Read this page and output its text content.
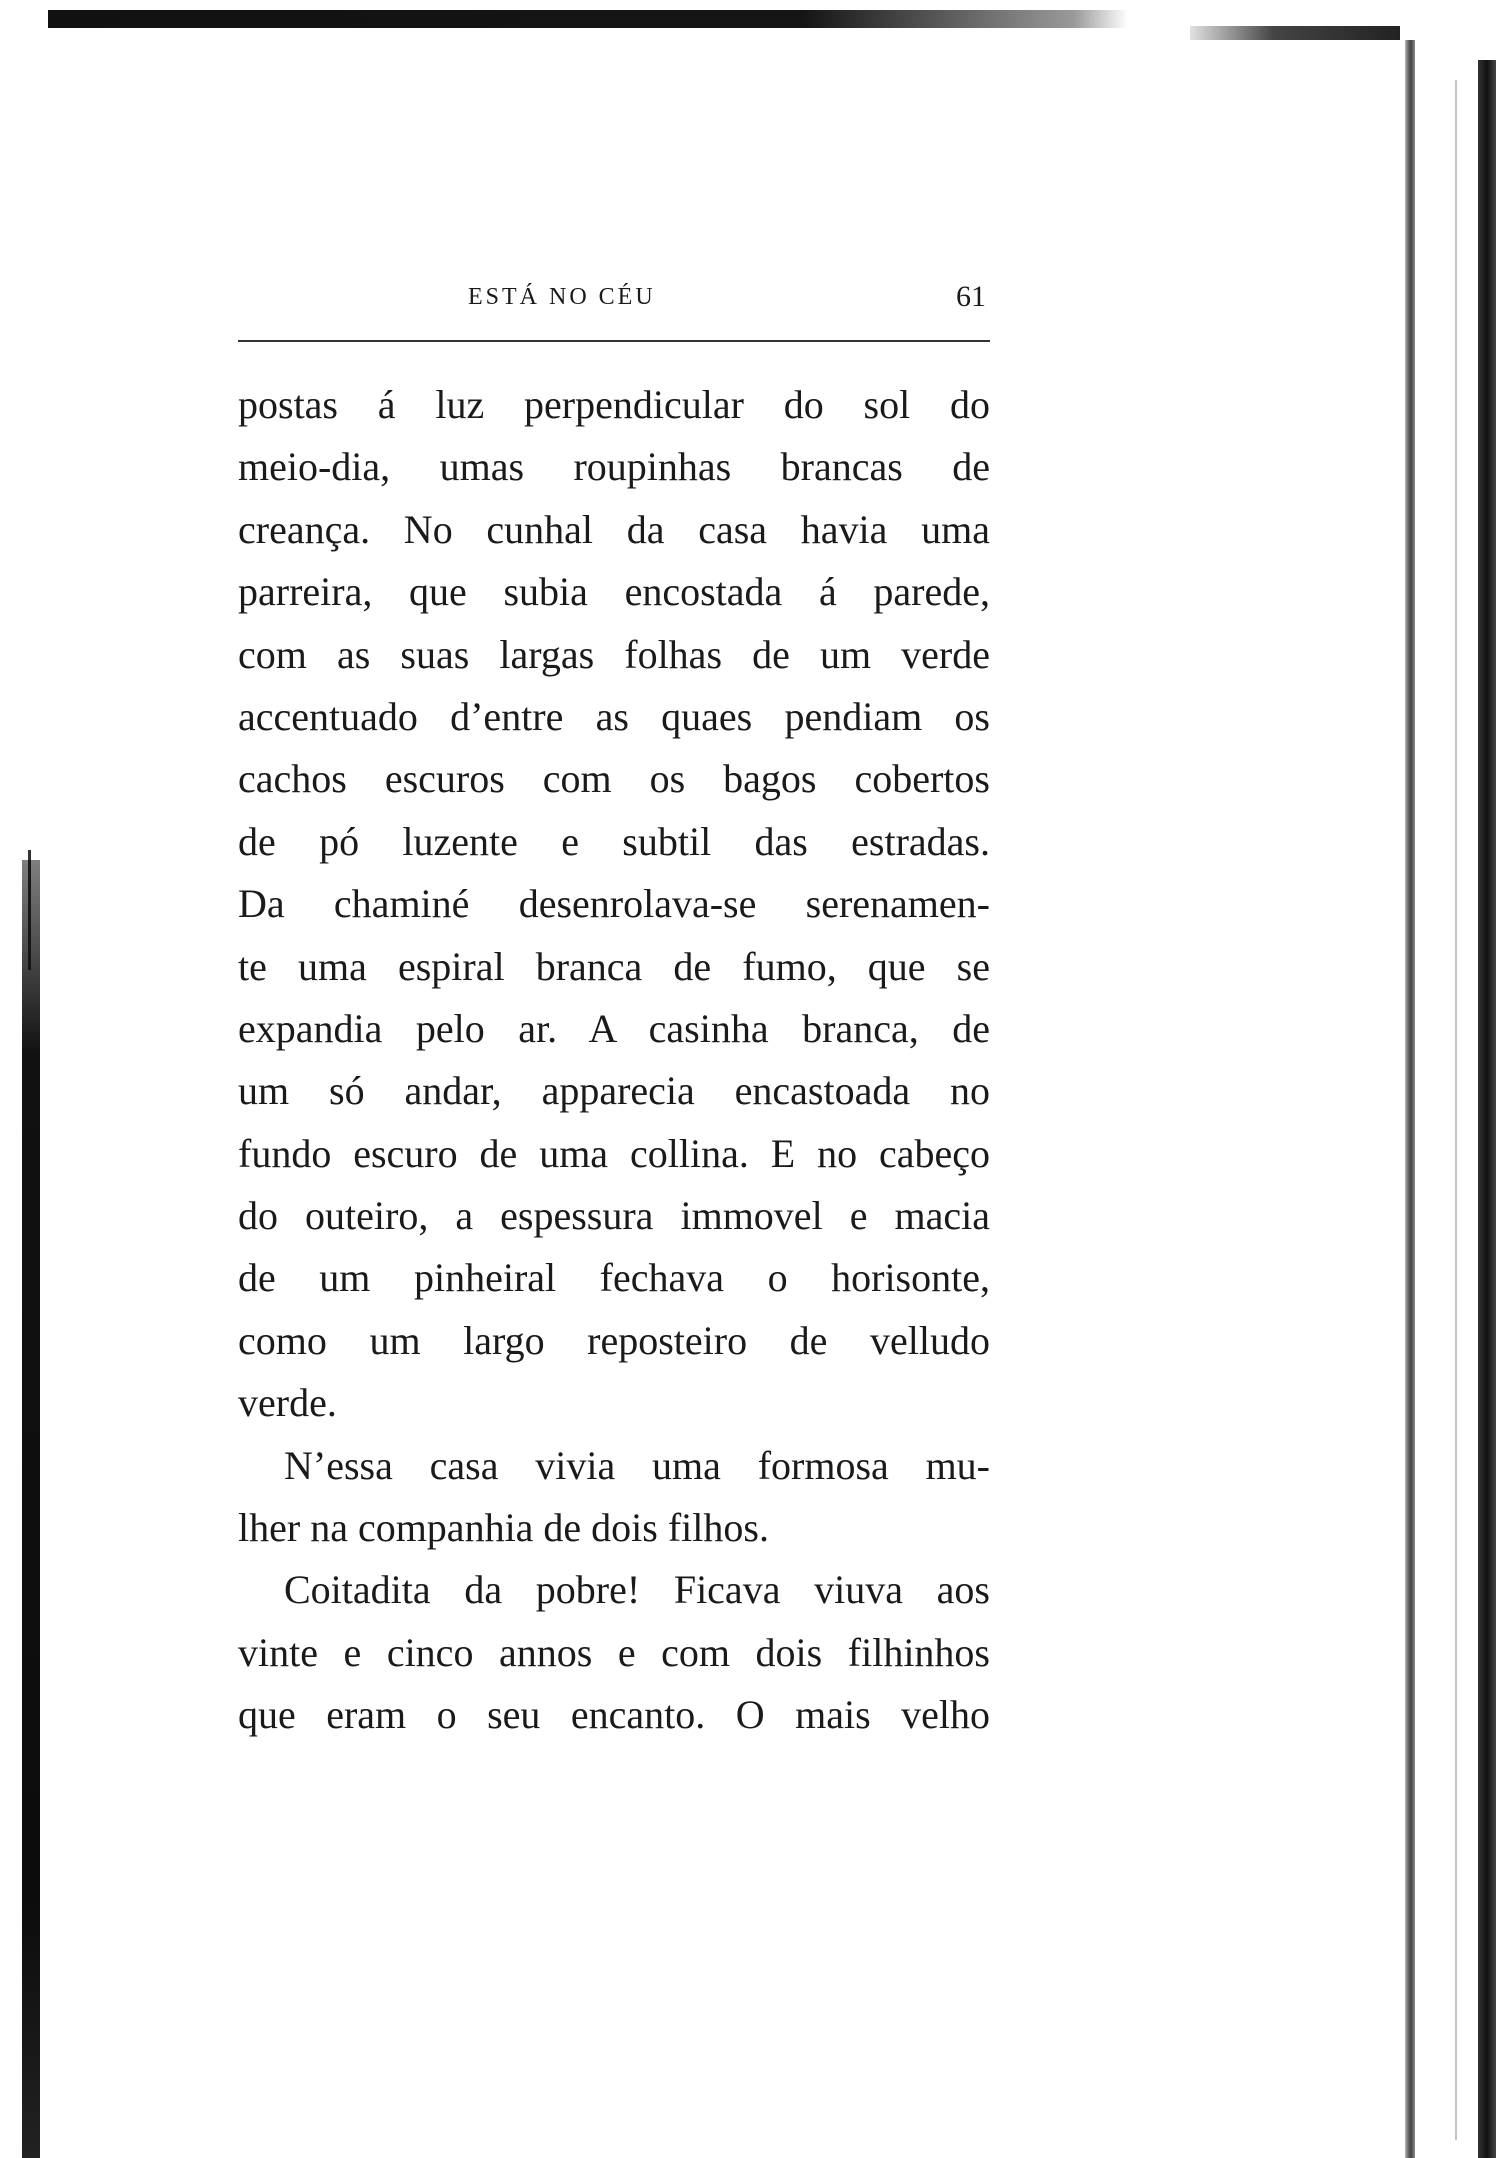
ESTÁ NO CÉU	61
postas á luz perpendicular do sol do
meio-dia, umas roupinhas brancas de
creança. No cunhal da casa havia uma
parreira, que subia encostada á parede,
com as suas largas folhas de um verde
accentuado d’entre as quaes pendiam os
cachos escuros com os bagos cobertos
de pó luzente e subtil das estradas.
Da chaminé desenrolava-se serenamen-
te uma espiral branca de fumo, que se
expandia pelo ar. A casinha branca, de
um só andar, apparecia encastoada no
fundo escuro de uma collina. E no cabeço
do outeiro, a espessura immovel e macia
de um pinheiral fechava o horisonte,
como um largo reposteiro de velludo
verde.
N’essa casa vivia uma formosa mu-
lher na companhia de dois filhos.
Coitadita da pobre! Ficava viuva aos
vinte e cinco annos e com dois filhinhos
que eram o seu encanto. O mais velho
